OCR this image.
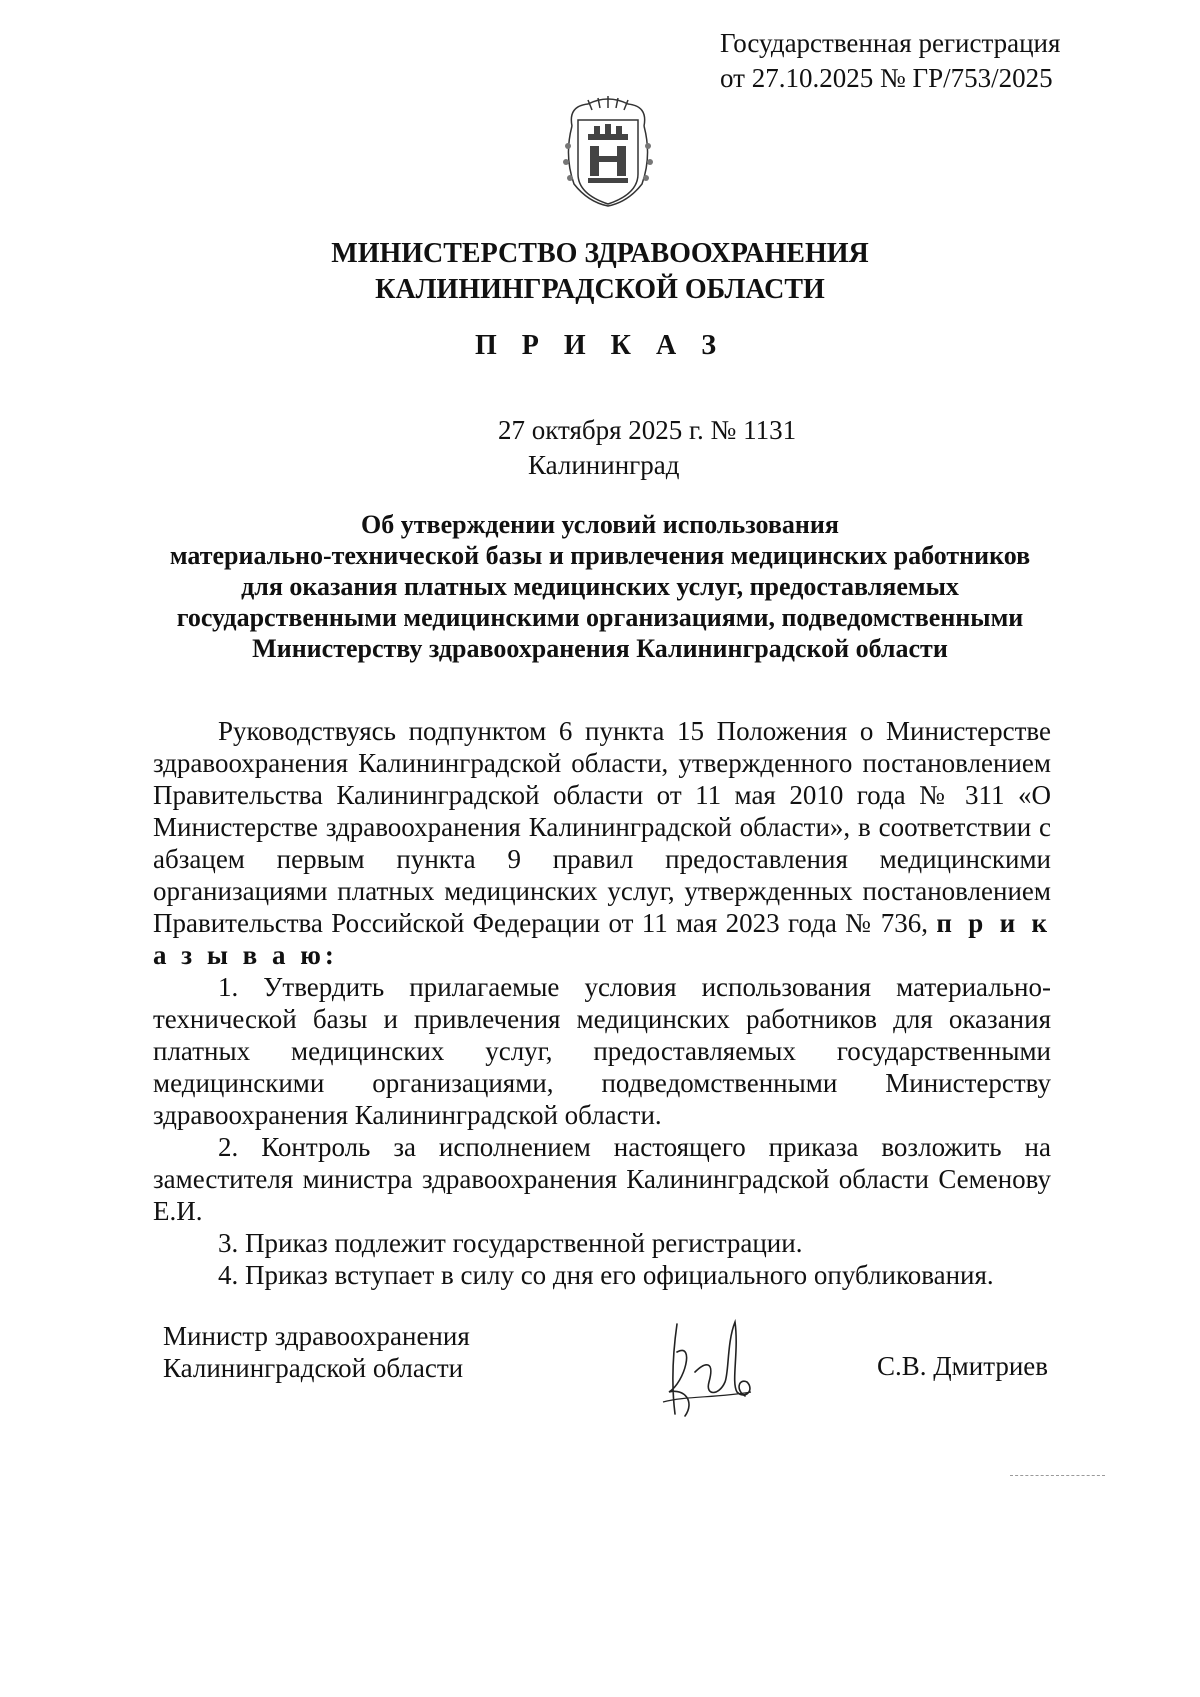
Государственная регистрация
от 27.10.2025 № ГР/753/2025
МИНИСТЕРСТВО ЗДРАВООХРАНЕНИЯ
КАЛИНИНГРАДСКОЙ ОБЛАСТИ
П Р И К А З
27 октября 2025 г. № 1131
Калининград
Об утверждении условий использования
материально-технической базы и привлечения медицинских работников
для оказания платных медицинских услуг, предоставляемых
государственными медицинскими организациями, подведомственными
Министерству здравоохранения Калининградской области

Руководствуясь подпунктом 6 пункта 15 Положения о Министерстве здравоохранения Калининградской области, утвержденного постановлением Правительства Калининградской области от 11 мая 2010 года № 311 «О Министерстве здравоохранения Калининградской области», в соответствии с абзацем первым пункта 9 правил предоставления медицинскими организациями платных медицинских услуг, утвержденных постановлением Правительства Российской Федерации от 11 мая 2023 года № 736, п р и к а з ы в а ю:

1. Утвердить прилагаемые условия использования материально-технической базы и привлечения медицинских работников для оказания платных медицинских услуг, предоставляемых государственными медицинскими организациями, подведомственными Министерству здравоохранения Калининградской области.

2. Контроль за исполнением настоящего приказа возложить на заместителя министра здравоохранения Калининградской области Семенову Е.И.

3. Приказ подлежит государственной регистрации.

4. Приказ вступает в силу со дня его официального опубликования.

Министр здравоохранения
Калининградской области	С.В. Дмитриев
